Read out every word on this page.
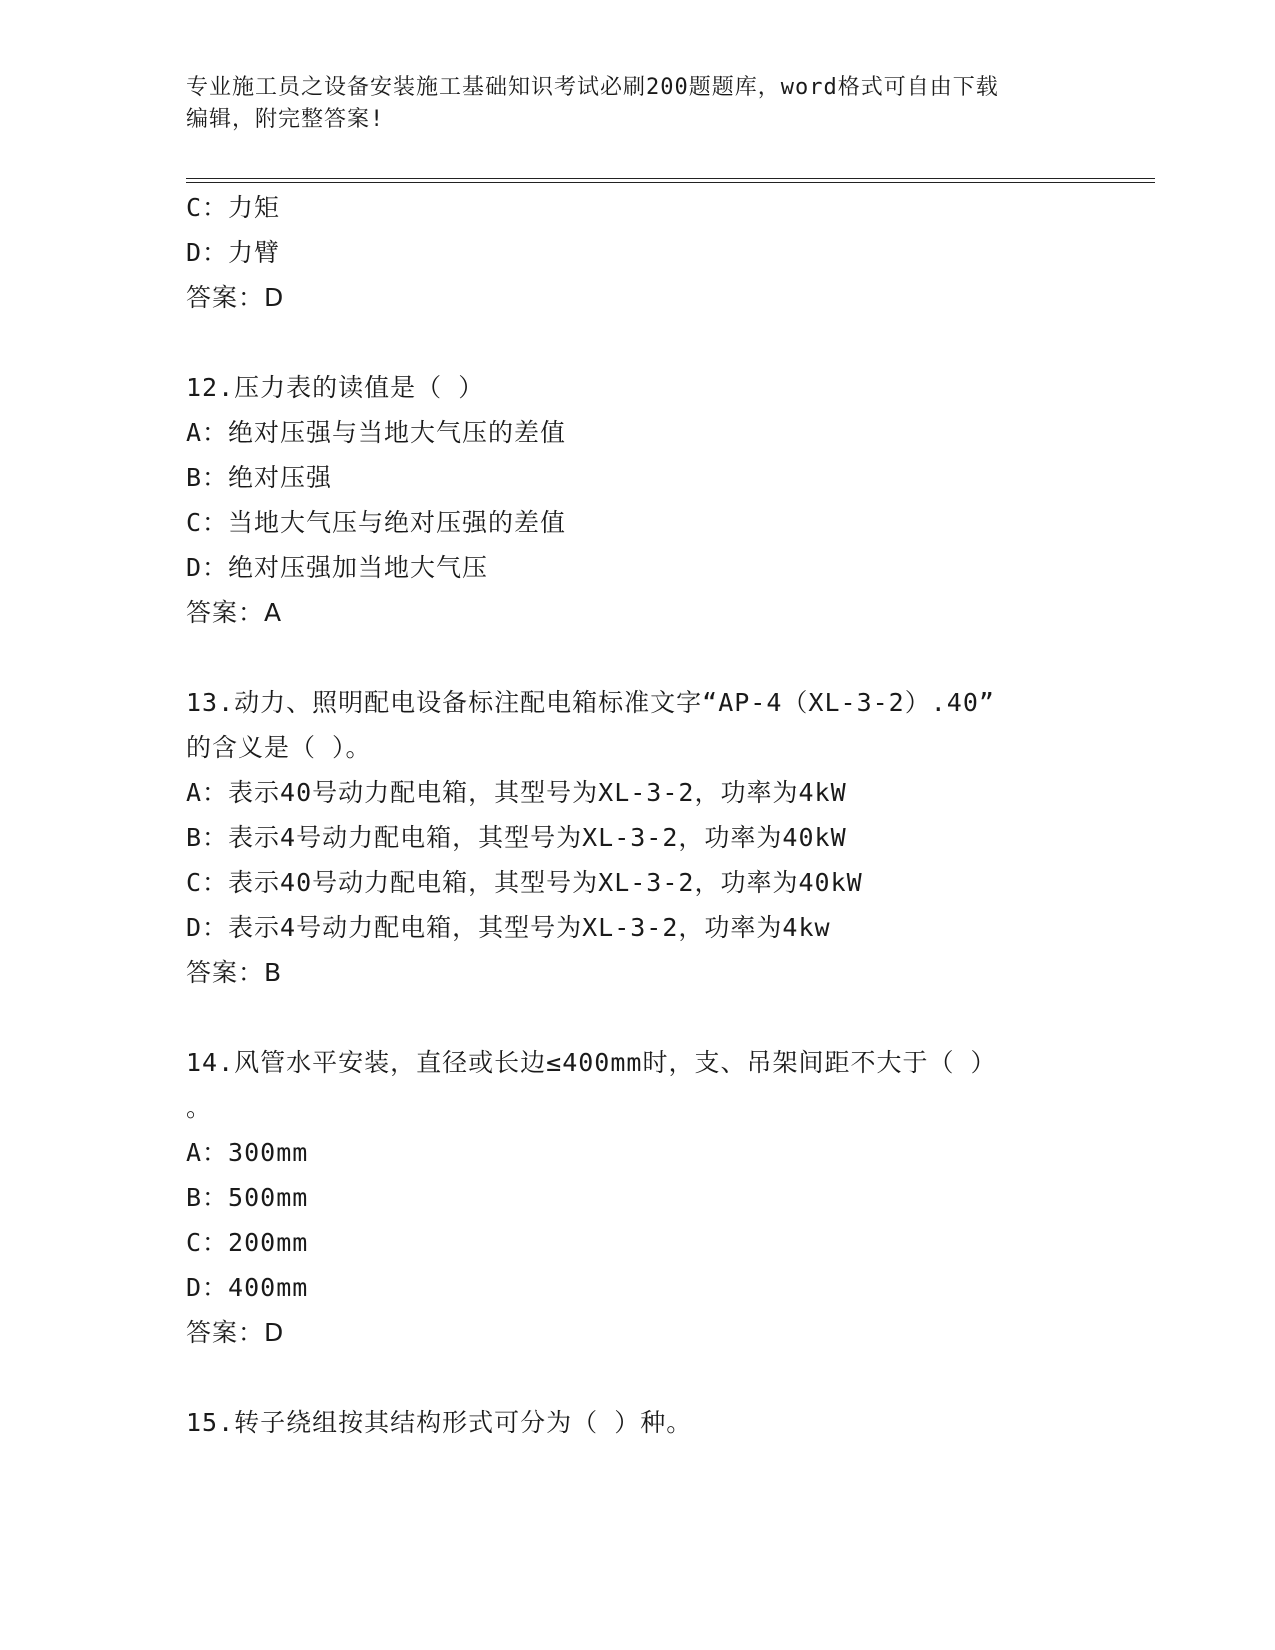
专业施工员之设备安装施工基础知识考试必刷200题题库，word格式可自由下载
编辑，附完整答案!
C：力矩
D：力臂
答案：D
12.压力表的读值是（ ）
A：绝对压强与当地大气压的差值
B：绝对压强
C：当地大气压与绝对压强的差值
D：绝对压强加当地大气压
答案：A
13.动力、照明配电设备标注配电箱标准文字“AP-4（XL-3-2）.40”
的含义是（ ）。
A：表示40号动力配电箱，其型号为XL-3-2，功率为4kW
B：表示4号动力配电箱，其型号为XL-3-2，功率为40kW
C：表示40号动力配电箱，其型号为XL-3-2，功率为40kW
D：表示4号动力配电箱，其型号为XL-3-2，功率为4kw
答案：B
14.风管水平安装，直径或长边≤400mm时，支、吊架间距不大于（ ）
。
A：300mm
B：500mm
C：200mm
D：400mm
答案：D
15.转子绕组按其结构形式可分为（ ）种。
